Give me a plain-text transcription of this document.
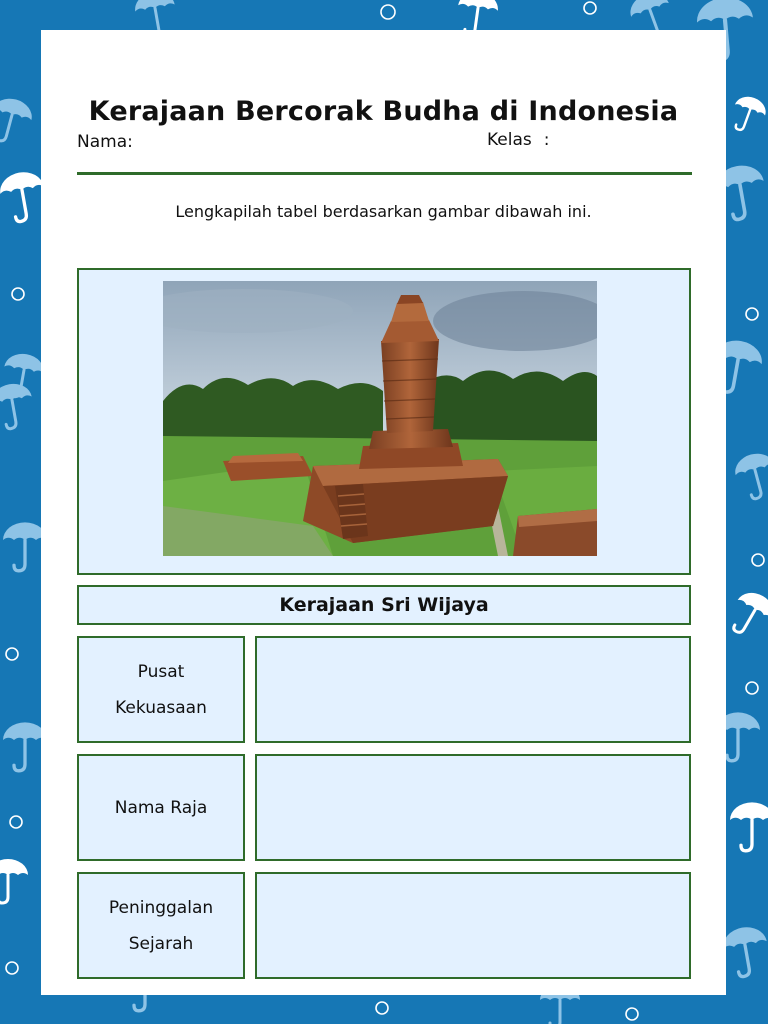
Kerajaan Bercorak Budha di Indonesia
Nama:	Kelas :
Lengkapilah tabel berdasarkan gambar dibawah ini.
Kerajaan Sri Wijaya
Pusat Kekuasaan
Nama Raja
Peninggalan Sejarah
